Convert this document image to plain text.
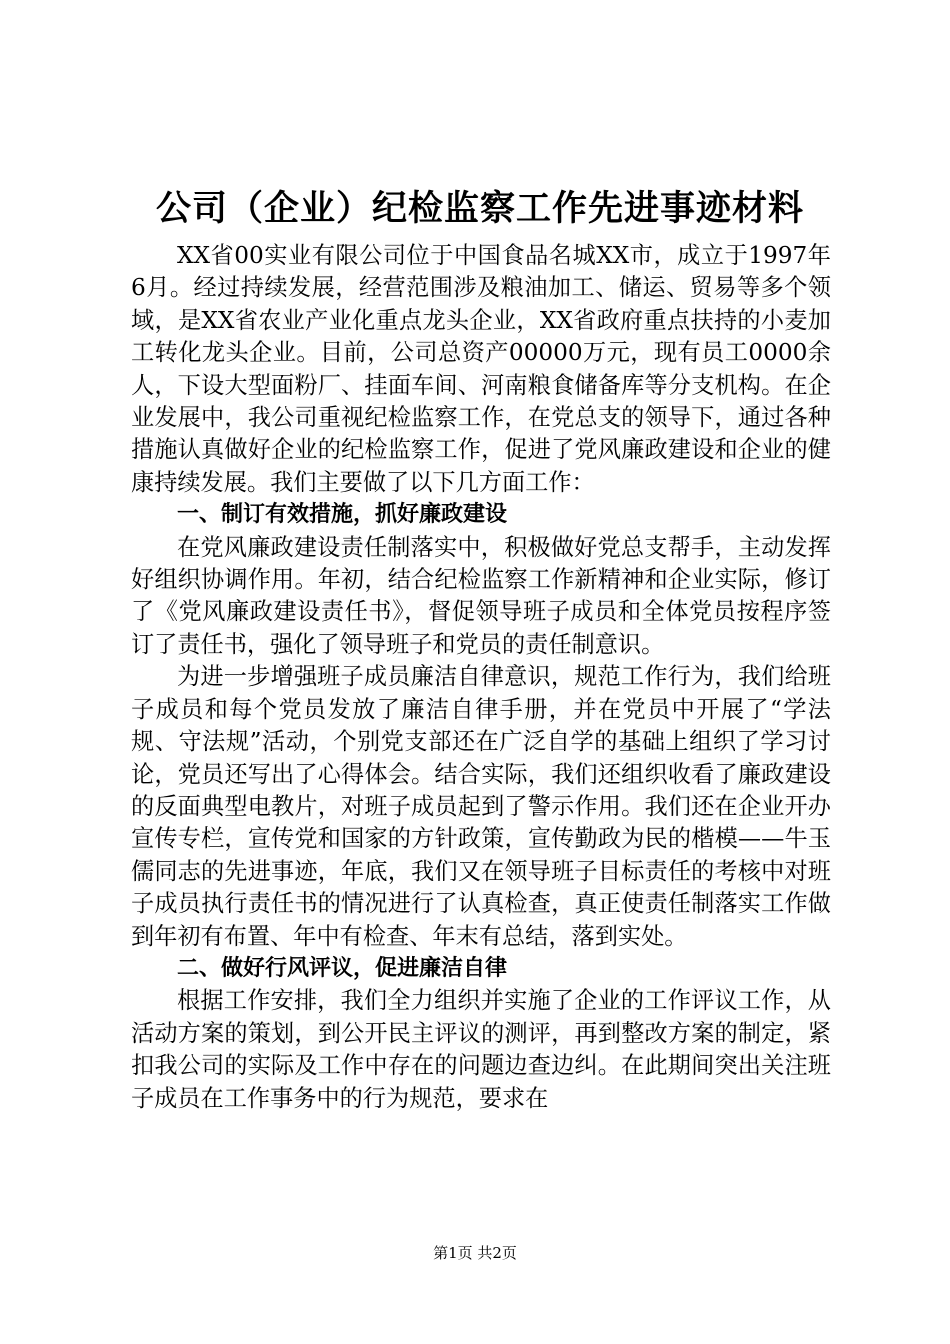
公司（企业）纪检监察工作先进事迹材料

XX省00实业有限公司位于中国食品名城XX市，成立于1997年6月。经过持续发展，经营范围涉及粮油加工、储运、贸易等多个领域，是XX省农业产业化重点龙头企业，XX省政府重点扶持的小麦加工转化龙头企业。目前，公司总资产00000万元，现有员工0000余人，下设大型面粉厂、挂面车间、河南粮食储备库等分支机构。在企业发展中，我公司重视纪检监察工作，在党总支的领导下，通过各种措施认真做好企业的纪检监察工作，促进了党风廉政建设和企业的健康持续发展。我们主要做了以下几方面工作：

一、制订有效措施，抓好廉政建设

在党风廉政建设责任制落实中，积极做好党总支帮手，主动发挥好组织协调作用。年初，结合纪检监察工作新精神和企业实际，修订了《党风廉政建设责任书》，督促领导班子成员和全体党员按程序签订了责任书，强化了领导班子和党员的责任制意识。

为进一步增强班子成员廉洁自律意识，规范工作行为，我们给班子成员和每个党员发放了廉洁自律手册，并在党员中开展了“学法规、守法规”活动，个别党支部还在广泛自学的基础上组织了学习讨论，党员还写出了心得体会。结合实际，我们还组织收看了廉政建设的反面典型电教片，对班子成员起到了警示作用。我们还在企业开办宣传专栏，宣传党和国家的方针政策，宣传勤政为民的楷模——牛玉儒同志的先进事迹，年底，我们又在领导班子目标责任的考核中对班子成员执行责任书的情况进行了认真检查，真正使责任制落实工作做到年初有布置、年中有检查、年末有总结，落到实处。

二、做好行风评议，促进廉洁自律

根据工作安排，我们全力组织并实施了企业的工作评议工作，从活动方案的策划，到公开民主评议的测评，再到整改方案的制定，紧扣我公司的实际及工作中存在的问题边查边纠。在此期间突出关注班子成员在工作事务中的行为规范，要求在

第1页 共2页
